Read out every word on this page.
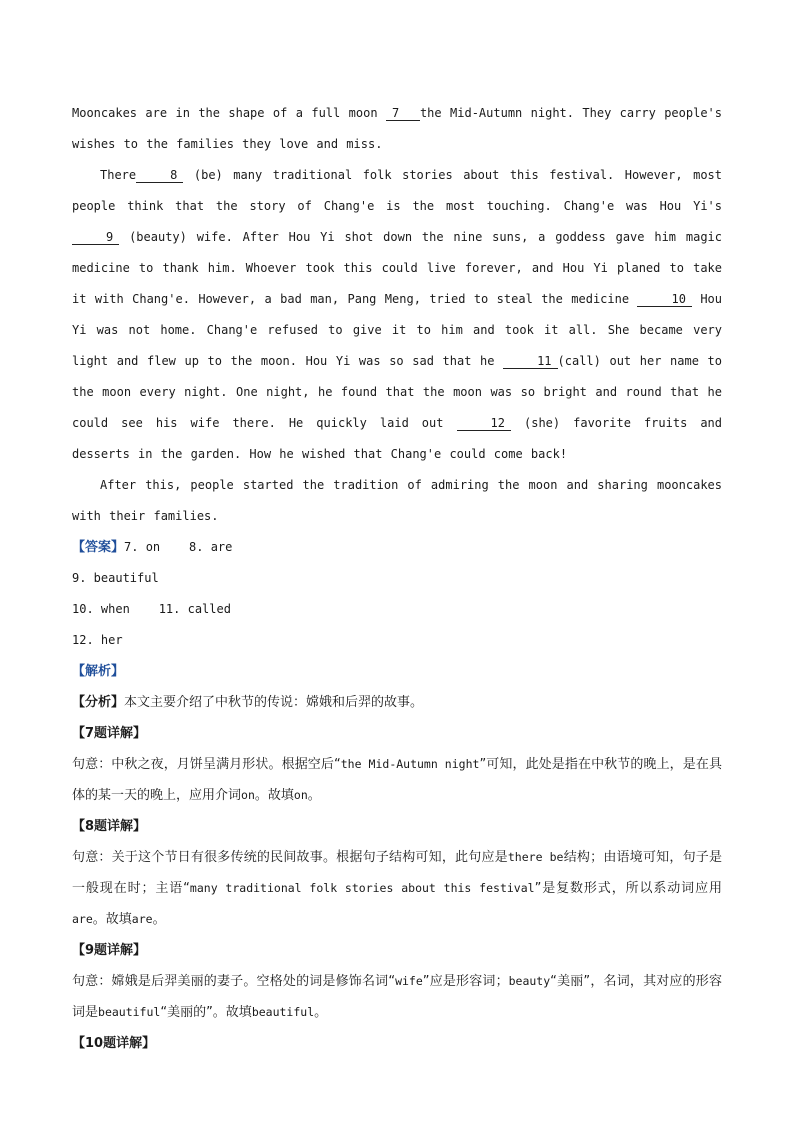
Mooncakes are in the shape of a full moon 7 the Mid-Autumn night. They carry people's wishes to the families they love and miss.

There	8 (be) many traditional folk stories about this festival. However, most people think that the story of Chang'e is the most touching. Chang'e was Hou Yi's 9 (beauty) wife. After Hou Yi shot down the nine suns, a goddess gave him magic medicine to thank him. Whoever took this could live forever, and Hou Yi planed to take it with Chang'e. However, a bad man, Pang Meng, tried to steal the medicine	10 Hou Yi was not home. Chang'e refused to give it to him and took it all. She became very light and flew up to the moon. Hou Yi was so sad that he	11 (call) out her name to the moon every night. One night, he found that the moon was so bright and round that he could see his wife there. He quickly laid out	12 (she) favorite fruits and desserts in the garden. How he wished that Chang'e could come back!

After this, people started the tradition of admiring the moon and sharing mooncakes with their families.

【答案】7. on    8. are
9. beautiful
10. when    11. called
12. her

【解析】

【分析】本文主要介绍了中秋节的传说：嫦娥和后羿的故事。

【7题详解】

句意：中秋之夜，月饼呈满月形状。根据空后“the Mid-Autumn night”可知，此处是指在中秋节的晚上，是在具体的某一天的晚上，应用介词on。故填on。

【8题详解】

句意：关于这个节日有很多传统的民间故事。根据句子结构可知，此句应是there be结构；由语境可知，句子是一般现在时；主语“many traditional folk stories about this festival”是复数形式，所以系动词应用are。故填are。

【9题详解】

句意：嫦娥是后羿美丽的妻子。空格处的词是修饰名词“wife”应是形容词；beauty“美丽”，名词，其对应的形容词是beautiful“美丽的”。故填beautiful。

【10题详解】
